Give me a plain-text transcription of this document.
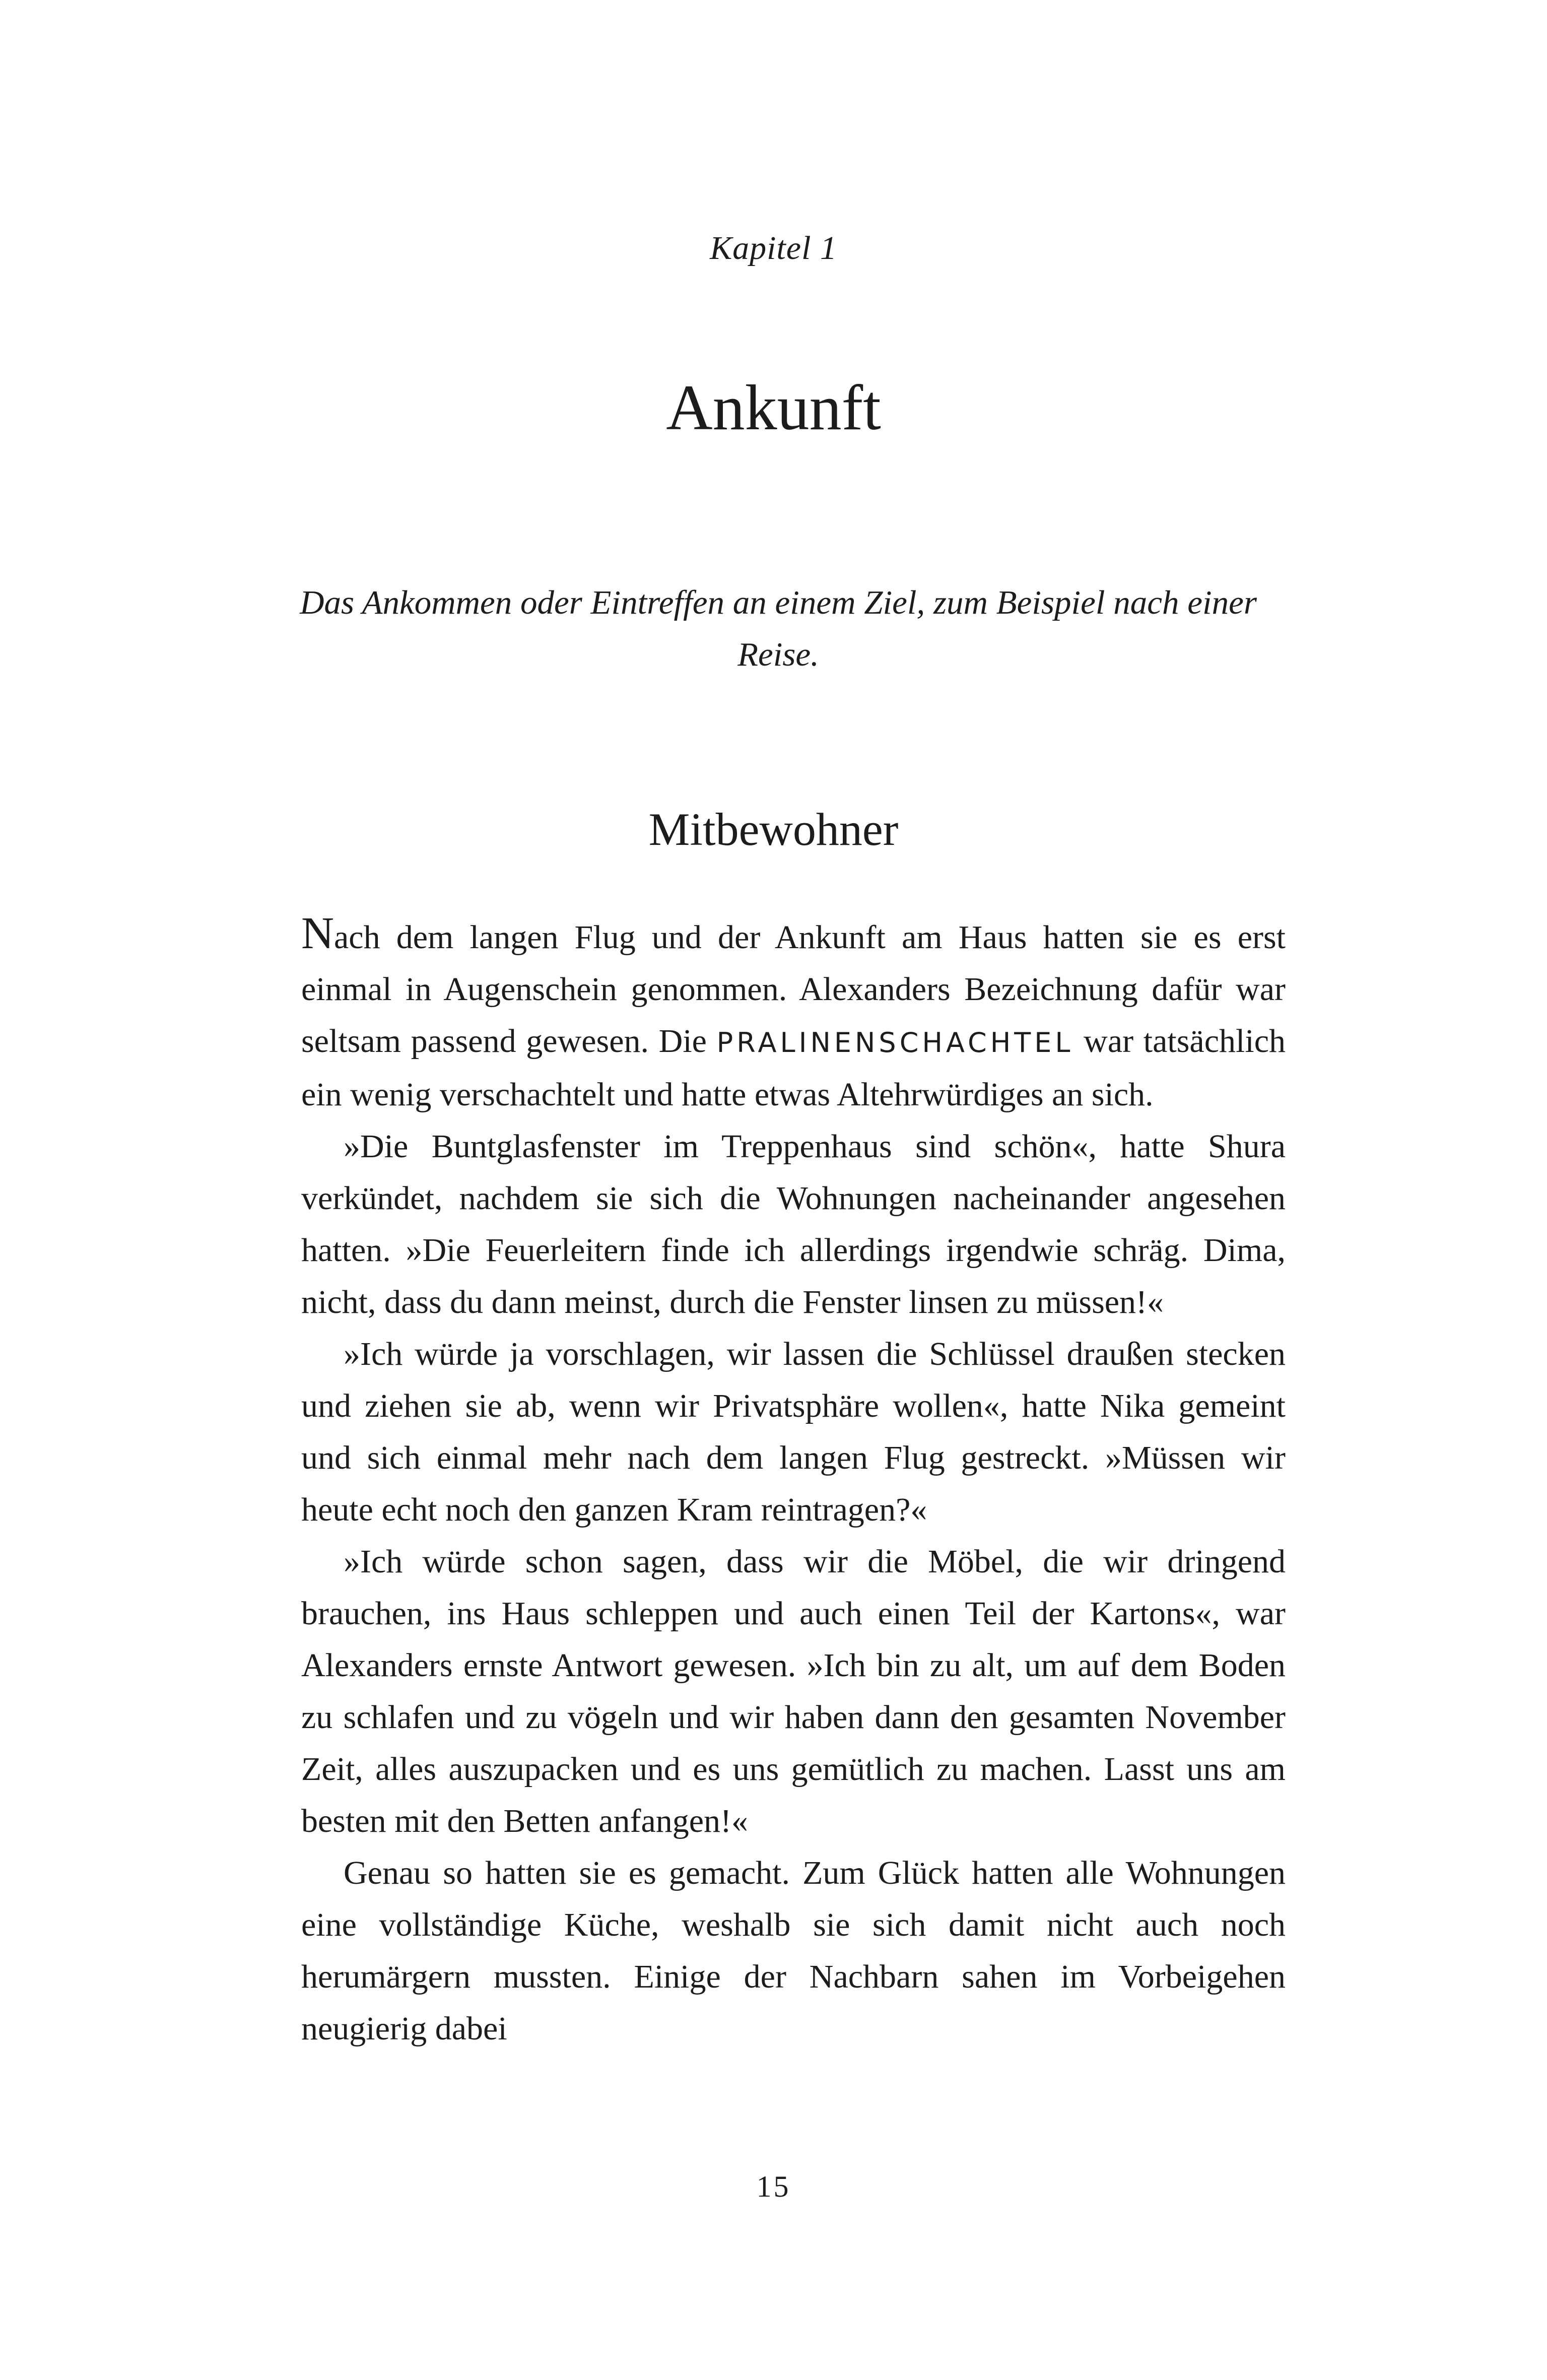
Kapitel 1
Ankunft
Das Ankommen oder Eintreffen an einem Ziel, zum Beispiel nach einer Reise.
Mitbewohner

Nach dem langen Flug und der Ankunft am Haus hatten sie es erst einmal in Augenschein genommen. Alexanders Bezeichnung dafür war seltsam passend gewesen. Die PRALINENSCHACHTEL war tatsächlich ein wenig verschachtelt und hatte etwas Altehrwürdiges an sich.

»Die Buntglasfenster im Treppenhaus sind schön«, hatte Shura verkündet, nachdem sie sich die Wohnungen nacheinander angesehen hatten. »Die Feuerleitern finde ich allerdings irgendwie schräg. Dima, nicht, dass du dann meinst, durch die Fenster linsen zu müssen!«

»Ich würde ja vorschlagen, wir lassen die Schlüssel draußen stecken und ziehen sie ab, wenn wir Privatsphäre wollen«, hatte Nika gemeint und sich einmal mehr nach dem langen Flug gestreckt. »Müssen wir heute echt noch den ganzen Kram reintragen?«

»Ich würde schon sagen, dass wir die Möbel, die wir dringend brauchen, ins Haus schleppen und auch einen Teil der Kartons«, war Alexanders ernste Antwort gewesen. »Ich bin zu alt, um auf dem Boden zu schlafen und zu vögeln und wir haben dann den gesamten November Zeit, alles auszupacken und es uns gemütlich zu machen. Lasst uns am besten mit den Betten anfangen!«

Genau so hatten sie es gemacht. Zum Glück hatten alle Wohnungen eine vollständige Küche, weshalb sie sich damit nicht auch noch herumärgern mussten. Einige der Nachbarn sahen im Vorbeigehen neugierig dabei

15
